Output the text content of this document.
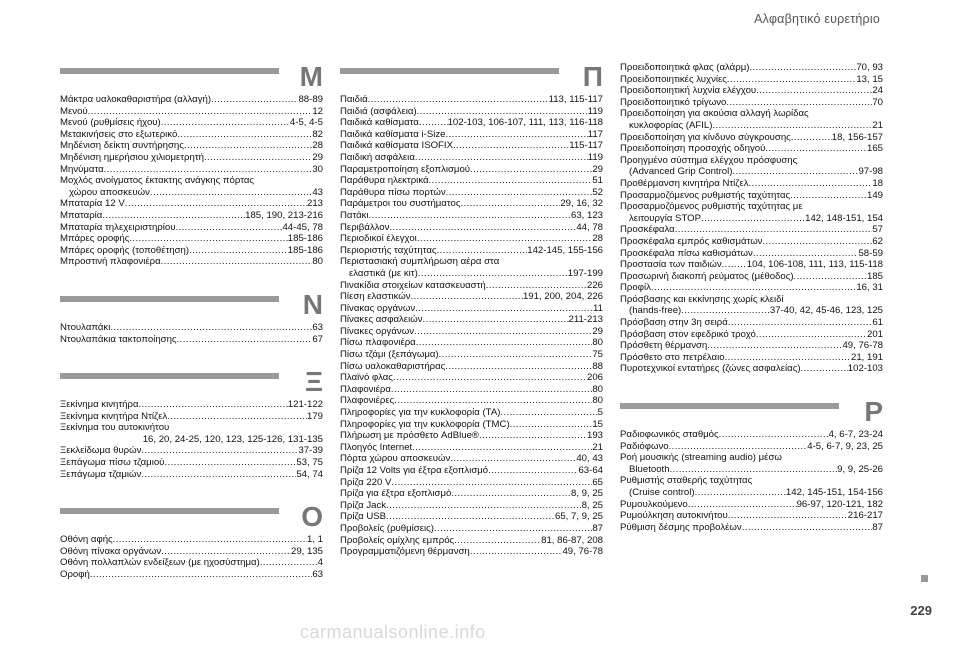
Αλφαβητικό ευρετήριο
Μ
Μάκτρα υαλοκαθαριστήρα (αλλαγή) .....	88-89
Μενού .....	12
Μενού (ρυθμίσεις ήχου) .....	4-5, 4-5
Μετακινήσεις στο εξωτερικό .....	82
Μηδένιση δείκτη συντήρησης .....	28
Μηδένιση ημερήσιου χιλιομετρητή .....	29
Μηνύματα .....	30
Μοχλός ανοίγματος έκτακτης ανάγκης πόρτας
χώρου αποσκευών .....	43
Μπαταρία 12 V .....	213
Μπαταρία .....	185, 190, 213-216
Μπαταρία τηλεχειριστηρίου .....	44-45, 78
Μπάρες οροφής .....	185-186
Μπάρες οροφής (τοποθέτηση) .....	185-186
Μπροστινή πλαφονιέρα .....	80
Ν
Ντουλαπάκι .....	63
Ντουλαπάκια τακτοποίησης .....	67
Ξ
Ξεκίνημα κινητήρα .....	121-122
Ξεκίνημα κινητήρα Ντίζελ .....	179
Ξεκίνημα του αυτοκινήτου
16, 20, 24-25, 120, 123, 125-126, 131-135
Ξεκλείδωμα θυρών .....	37-39
Ξεπάγωμα πίσω τζαμιού .....	53, 75
Ξεπάγωμα τζαμιών .....	54, 74
Ο
Οθόνη αφής .....	1, 1
Οθόνη πίνακα οργάνων .....	29, 135
Οθόνη πολλαπλών ενδείξεων (με ηχοσύστημα) .....	4
Οροφή .....	63
Π
Παιδιά .....	113, 115-117
Παιδιά (ασφάλεια) .....	119
Παιδικά καθίσματα .....	102-103, 106-107, 111, 113, 116-118
Παιδικά καθίσματα i-Size .....	117
Παιδικά καθίσματα ISOFIX .....	115-117
Παιδική ασφάλεια .....	119
Παραμετροποίηση εξοπλισμού .....	29
Παράθυρα ηλεκτρικά .....	51
Παράθυρα πίσω πορτών .....	52
Παράμετροι του συστήματος .....	29, 16, 32
Πατάκι .....	63, 123
Περιβάλλον .....	44, 78
Περιοδικοί έλεγχοι .....	28
Περιοριστής ταχύτητας .....	142-145, 155-156
Περιστασιακή συμπλήρωση αέρα στα
ελαστικά (με κιτ) .....	197-199
Πινακίδια στοιχείων κατασκευαστή .....	226
Πίεση ελαστικών .....	191, 200, 204, 226
Πίνακας οργάνων .....	11
Πίνακες ασφαλειών .....	211-213
Πίνακες οργάνων .....	29
Πίσω πλαφονιέρα .....	80
Πίσω τζάμι (ξεπάγωμα) .....	75
Πίσω υαλοκαθαριστήρας .....	88
Πλαϊνό φλας .....	206
Πλαφονιέρα .....	80
Πλαφονιέρες .....	80
Πληροφορίες για την κυκλοφορία (TA) .....	5
Πληροφορίες για την κυκλοφορία (TMC) .....	15
Πλήρωση με πρόσθετο AdBlue® .....	193
Πλοηγός Internet .....	21
Πόρτα χώρου αποσκευών .....	40, 43
Πρίζα 12 Volts για έξτρα εξοπλισμό .....	63-64
Πρίζα 220 V .....	65
Πρίζα για έξτρα εξοπλισμό .....	8, 9, 25
Πρίζα Jack .....	8, 25
Πρίζα USB .....	65, 7, 9, 25
Προβολείς (ρυθμίσεις) .....	87
Προβολείς ομίχλης εμπρός .....	81, 86-87, 208
Προγραμματιζόμενη θέρμανση .....	49, 76-78
Προειδοποιητικά φλας (αλάρμ) .....	70, 93
Προειδοποιητικές λυχνίες .....	13, 15
Προειδοποιητική λυχνία ελέγχου .....	24
Προειδοποιητικό τρίγωνο .....	70
Προειδοποίηση για ακούσια αλλαγή λωρίδας
κυκλοφορίας (AFIL) .....	21
Προειδοποίηση για κίνδυνο σύγκρουσης .....	18, 156-157
Προειδοποίηση προσοχής οδηγού .....	165
Προηγμένο σύστημα ελέγχου πρόσφυσης
(Advanced Grip Control) .....	97-98
Προθέρμανση κινητήρα Ντίζελ .....	18
Προσαρμοζόμενος ρυθμιστής ταχύτητας .....	149
Προσαρμοζόμενος ρυθμιστής ταχύτητας με
λειτουργία STOP .....	142, 148-151, 154
Προσκέφαλα .....	57
Προσκέφαλα εμπρός καθισμάτων .....	62
Προσκέφαλα πίσω καθισμάτων .....	58-59
Προστασία των παιδιών .....	104, 106-108, 111, 113, 115-118
Προσωρινή διακοπή ρεύματος (μέθοδος) .....	185
Προφίλ .....	16, 31
Πρόσβασης και εκκίνησης χωρίς κλειδί
(hands-free) .....	37-40, 42, 45-46, 123, 125
Πρόσβαση στην 3η σειρά .....	61
Πρόσβαση στον εφεδρικό τροχό .....	201
Πρόσθετη θέρμανση .....	49, 76-78
Πρόσθετο στο πετρέλαιο .....	21, 191
Πυροτεχνικοί εντατήρες (ζώνες ασφαλείας) .....	102-103
Ρ
Ραδιοφωνικός σταθμός .....	4, 6-7, 23-24
Ραδιόφωνο .....	4-5, 6-7, 9, 23, 25
Ροή μουσικής (streaming audio) μέσω
Bluetooth .....	9, 9, 25-26
Ρυθμιστής σταθερής ταχύτητας
(Cruise control) .....	142, 145-151, 154-156
Ρυμουλκούμενο .....	96-97, 120-121, 182
Ρυμούλκηση αυτοκινήτου .....	216-217
Ρύθμιση δέσμης προβολέων .....	87
229
carmanualsonline.info
